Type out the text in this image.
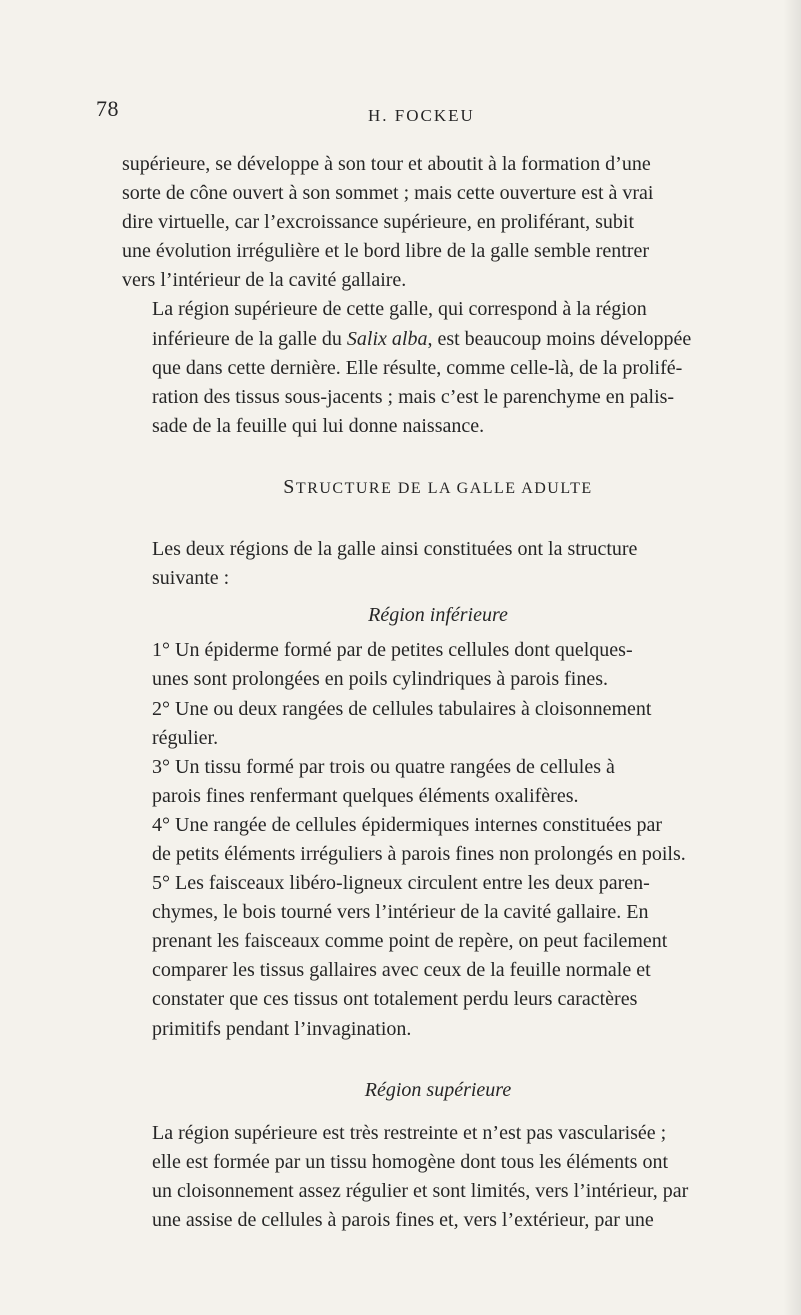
78	H. FOCKEU

supérieure, se développe à son tour et aboutit à la formation d’une
sorte de cône ouvert à son sommet ; mais cette ouverture est à vrai
dire virtuelle, car l’excroissance supérieure, en proliférant, subit
une évolution irrégulière et le bord libre de la galle semble rentrer
vers l’intérieur de la cavité gallaire.

La région supérieure de cette galle, qui correspond à la région
inférieure de la galle du Salix alba, est beaucoup moins développée
que dans cette dernière. Elle résulte, comme celle-là, de la prolifé-
ration des tissus sous-jacents ; mais c’est le parenchyme en palis-
sade de la feuille qui lui donne naissance.

STRUCTURE DE LA GALLE ADULTE

Les deux régions de la galle ainsi constituées ont la structure
suivante :

Région inférieure

1° Un épiderme formé par de petites cellules dont quelques-
unes sont prolongées en poils cylindriques à parois fines.

2° Une ou deux rangées de cellules tabulaires à cloisonnement
régulier.

3° Un tissu formé par trois ou quatre rangées de cellules à
parois fines renfermant quelques éléments oxalifères.

4° Une rangée de cellules épidermiques internes constituées par
de petits éléments irréguliers à parois fines non prolongés en poils.

5° Les faisceaux libéro-ligneux circulent entre les deux paren-
chymes, le bois tourné vers l’intérieur de la cavité gallaire. En
prenant les faisceaux comme point de repère, on peut facilement
comparer les tissus gallaires avec ceux de la feuille normale et
constater que ces tissus ont totalement perdu leurs caractères
primitifs pendant l’invagination.

Région supérieure

La région supérieure est très restreinte et n’est pas vascularisée ;
elle est formée par un tissu homogène dont tous les éléments ont
un cloisonnement assez régulier et sont limités, vers l’intérieur, par
une assise de cellules à parois fines et, vers l’extérieur, par une
